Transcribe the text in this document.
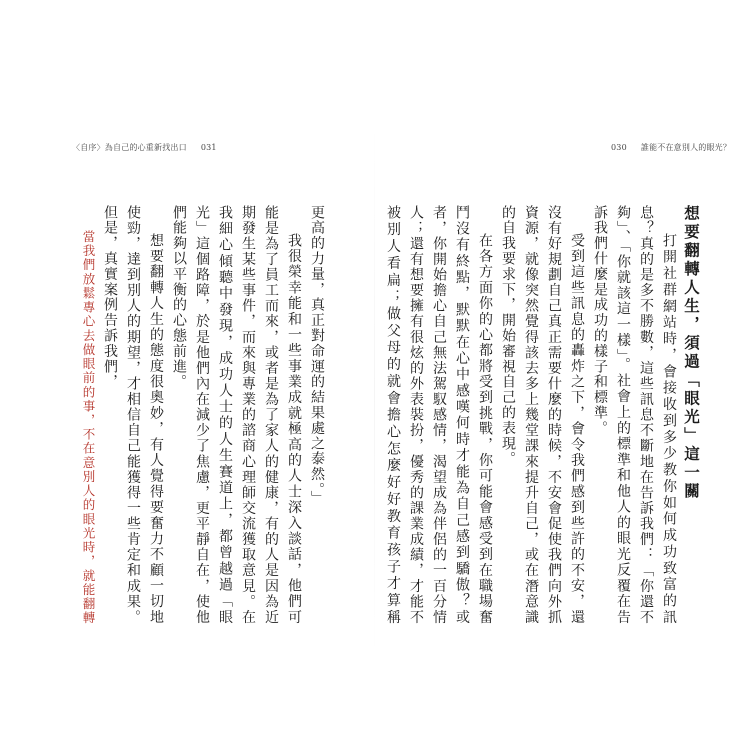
〈自序〉為自己的心重新找出口 031
更高的力量，真正對命運的結果處之泰然。」
我很榮幸能和一些事業成就極高的人士深入談話，他們可能是為了員工而來，或者是為了家人的健康，有的人是因為近期發生某些事件，而來與專業的諮商心理師交流獲取意見。在我細心傾聽中發現，成功人士的人生賽道上，都曾越過「眼光」這個路障，於是他們內在減少了焦慮，更平靜自在，使他們能夠以平衡的心態前進。
想要翻轉人生的態度很奧妙，有人覺得要奮力不顧一切地使勁，達到別人的期望，才相信自己能獲得一些肯定和成果。但是，真實案例告訴我們，
當我們放鬆專心去做眼前的事，不在意別人的眼光時，就能翻轉
030 誰能不在意別人的眼光？
想要翻轉人生，須過「眼光」這一關
打開社群網站時，會接收到多少教你如何成功致富的訊息？真的是多不勝數，這些訊息不斷地在告訴我們：「你還不夠」、「你就該這一樣」。社會上的標準和他人的眼光反覆在告訴我們什麼是成功的樣子和標準。
受到這些訊息的轟炸之下，會令我們感到些許的不安，還沒有好規劃自己真正需要什麼的時候，不安會促使我們向外抓資源，就像突然覺得該去多上幾堂課來提升自己，或在潛意識的自我要求下，開始審視自己的表現。
在各方面你的心都將受到挑戰，你可能會感受到在職場奮鬥沒有終點，默默在心中感嘆何時才能為自己感到驕傲？或者，你開始擔心自己無法駕馭感情，渴望成為伴侶的一百分情人；還有想要擁有很炫的外表裝扮，優秀的課業成績，才能不被別人看扁；做父母的就會擔心怎麼好好教育孩子才算稱
